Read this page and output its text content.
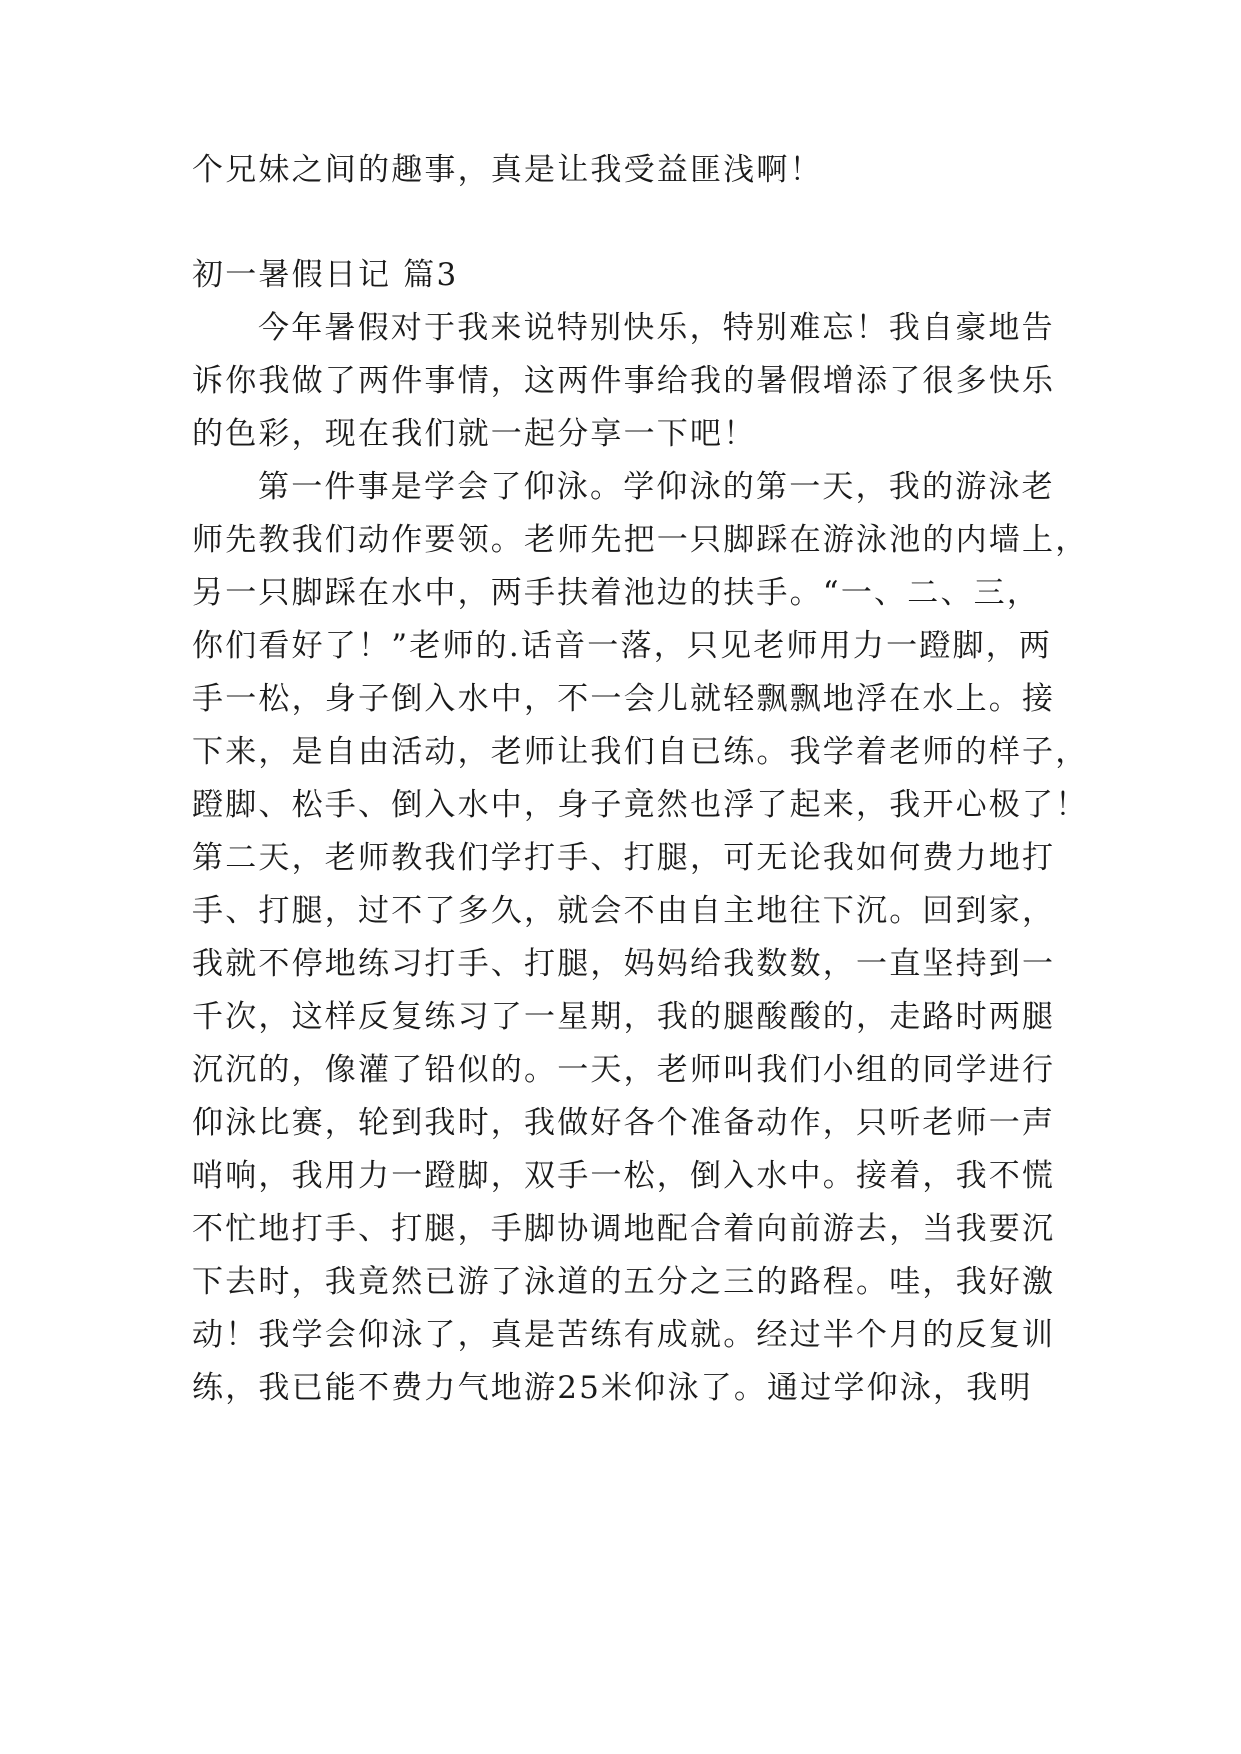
个兄妹之间的趣事，真是让我受益匪浅啊！
初一暑假日记 篇3
今年暑假对于我来说特别快乐，特别难忘！我自豪地告
诉你我做了两件事情，这两件事给我的暑假增添了很多快乐
的色彩，现在我们就一起分享一下吧！
第一件事是学会了仰泳。学仰泳的第一天，我的游泳老
师先教我们动作要领。老师先把一只脚踩在游泳池的内墙上，
另一只脚踩在水中，两手扶着池边的扶手。“一、二、三，
你们看好了！”老师的.话音一落，只见老师用力一蹬脚，两
手一松，身子倒入水中，不一会儿就轻飘飘地浮在水上。接
下来，是自由活动，老师让我们自已练。我学着老师的样子，
蹬脚、松手、倒入水中，身子竟然也浮了起来，我开心极了！
第二天，老师教我们学打手、打腿，可无论我如何费力地打
手、打腿，过不了多久，就会不由自主地往下沉。回到家，
我就不停地练习打手、打腿，妈妈给我数数，一直坚持到一
千次，这样反复练习了一星期，我的腿酸酸的，走路时两腿
沉沉的，像灌了铅似的。一天，老师叫我们小组的同学进行
仰泳比赛，轮到我时，我做好各个准备动作，只听老师一声
哨响，我用力一蹬脚，双手一松，倒入水中。接着，我不慌
不忙地打手、打腿，手脚协调地配合着向前游去，当我要沉
下去时，我竟然已游了泳道的五分之三的路程。哇，我好激
动！我学会仰泳了，真是苦练有成就。经过半个月的反复训
练，我已能不费力气地游25米仰泳了。通过学仰泳，我明
